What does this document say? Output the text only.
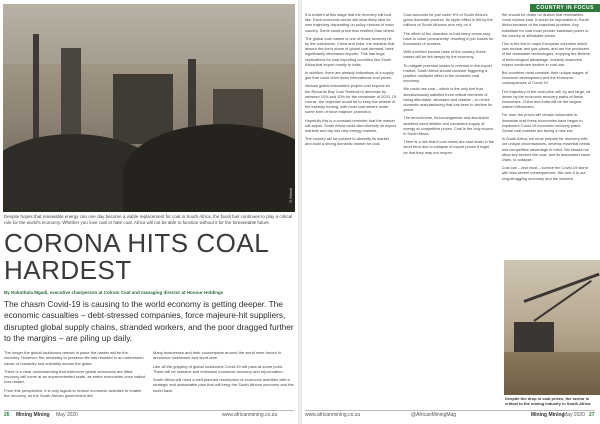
©iStock
Despite hopes that renewable energy can one day become a viable replacement for coal in South Africa, the fossil fuel continues to play a critical role for the world's economy. Whether you love coal or hate coal, Africa will not be able to function without it for the foreseeable future.
CORONA HITS COAL
HARDEST
By Nokuthula Mgadi, executive chairperson at Colrum Coal and managing director at Honour Holdings
The chasm Covid-19 is causing to the world economy is getting deeper. The economic casualties – debt-stressed companies, force majeure-hit suppliers, disrupted global supply chains, stranded workers, and the poor dragged further to the margins – are piling up daily.

The longer the global lockdowns remain in place the harder will be the recovery. However, the necessity to preserve life has resulted in an unforeseen cause of humanity and solidarity across the globe.

There is a clear understanding that whenever global lockdowns are lifted, recovery will come at an unprecedented scale, as entire economies once halted now restart.

From this perspective, it is only logical to reduce economic activities to enable the recovery, as the South African government did.

Many businesses and their counterparts around the world were forced to announce lockdowns and short-time.

Like all the gripping of global lockdowns Covid-19 will pass at some point. There will be massive and extensive economic recovery and rejuvenation.

South Africa will need a well-planned resumption of economic activities with a strategic and sustainable plan that will bring the South African economy and the world back.

26 Mining Mining May 2020	www.africanmining.co.za
COUNTRY IN FOCUS

It is evident at this stage that the recovery will look like. Each economic sector will most likely take its own trajectory, depending on policy choices of each country. Some could prove less resilient than others.

The global coal market is one of those severely hit by the lockdowns. China and India, the markets that absorb the lion's share of global coal demand, have significantly decreased imports. This has huge implications for coal exporting countries like South Africa that export mostly to India.

In addition, there are already indications of a supply glut that could drive down international coal prices.

Various global forecasters project coal exports for the Richards Bay Coal Terminal to decrease by between 10% and 20% for the remainder of 2020. Of course, the objective would be to keep the wheels of the industry turning, with most coal miners under some form of force majeure protection.

Hopefully this is a constant reminder that the market will adjust. South Africa could also diversify its export markets and tap into new energy markets.

The country will be pushed to diversify its market and build a strong domestic market for coal.

Coal accounts for just under 6% of South Africa's gross domestic product. Its ripple effect is felt by the millions of South Africans who rely on it.

The effect of the downturn is that many mines may have to close permanently, resulting in job losses for thousands of workers.

With a limited income base of the country, these losses will be felt deeply by the economy.

To mitigate potential losses in revenue in the export market, South Africa should consider triggering a positive multiplier effect in the domestic coal economy.

We could use coal – which is the only fuel that simultaneously satisfies three critical elements of being affordable, abundant and reliable – to revive domestic manufacturing that has been in decline for years.

The ferrochrome, ferromanganese and aluminium smelters need reliable and consistent supply of energy at competitive prices. Coal is the only source in South Africa.

There is a risk that if coal mines are shut down in the short term due to collapse of export prices it might be that they may not reopen.

We should be under no illusion that renewables could replace coal. It would be impossible in South Africa because of the baseload problem. Any substitute for coal must provide baseload power to the country at affordable prices.

This is the link in major European countries which own nuclear and gas plants, and are the producers of the renewable technologies, enjoying the lifetime of technological advantage. Industry observers expect continued decline in coal use.

But countries must consider their unique stages of economic development and the economic consequences of Covid-19.

The trajectory of the coal price will, by and large, be driven by the economic recovery paths of these economies. China and India will be the largest market influencers.

For now, the prices will remain vulnerable to downside until these economies have begun to implement Covid-19 economic recovery plans. Global coal markets are facing a new era.

In South Africa, we must prepare for recovery with our unique circumstances, develop essential needs and competitive advantage in mind. We should not allow key sectors like coal, and its associated value chain, to collapse.

Coal can – and must – survive the Covid-19 storm with less severe consequences. We owe it to our long-struggling economy and the workers.

Despite the drop in coal prices, the sector is critical to the mining industry in South Africa
www.africanmining.co.za	@AfricanMiningMag	Mining Mining
May 2020 27
